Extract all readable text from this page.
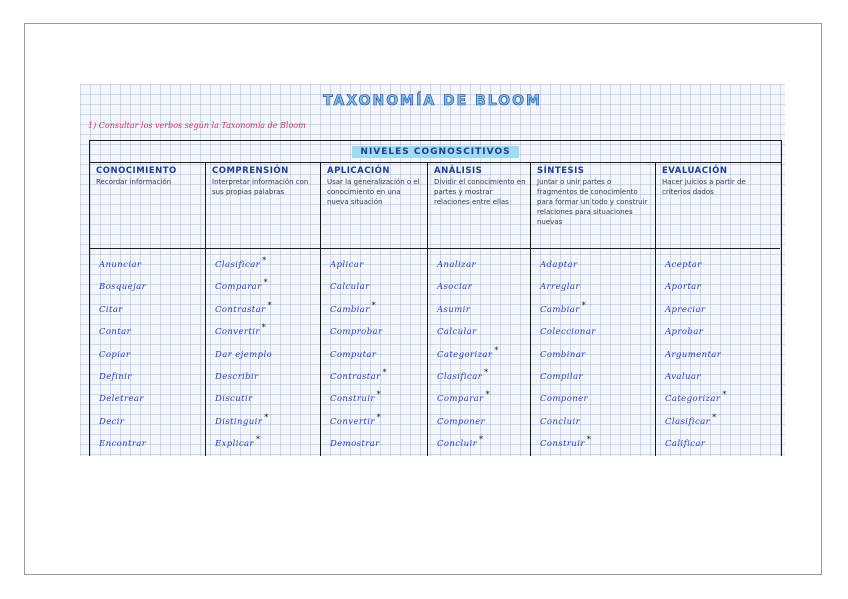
TAXONOMÍA DE BLOOM
1) Consultar los verbos según la Taxonomía de Bloom
NIVELES COGNOSCITIVOS
CONOCIMIENTO
Recordar información
Anunciar
Bosquejar
Citar
Contar
Copiar
Definir
Deletrear
Decir
Encontrar
COMPRENSIÓN
Interpretar información con sus propias palabras
Clasificar *
Comparar *
Contrastar *
Convertir *
Dar ejemplo
Describir
Discutir
Distinguir *
Explicar *
APLICACIÓN
Usar la generalización o el conocimiento en una nueva situación
Aplicar
Calcular
Cambiar *
Comprobar
Computar
Contrastar *
Construir *
Convertir *
Demostrar
ANÁLISIS
Dividir el conocimiento en partes y mostrar relaciones entre ellas
Analizar
Asociar
Asumir
Calcular
Categorizar *
Clasificar *
Comparar *
Componer
Concluir *
SÍNTESIS
Juntar o unir partes o fragmentos de conocimiento para formar un todo y construir relaciones para situaciones nuevas
Adaptar
Arreglar
Cambiar *
Coleccionar
Combinar
Compilar
Componer
Concluir
Construir *
EVALUACIÓN
Hacer juicios a partir de criterios dados
Aceptar
Aportar
Apreciar
Aprobar
Argumentar
Avaluar
Categorizar *
Clasificar *
Calificar
